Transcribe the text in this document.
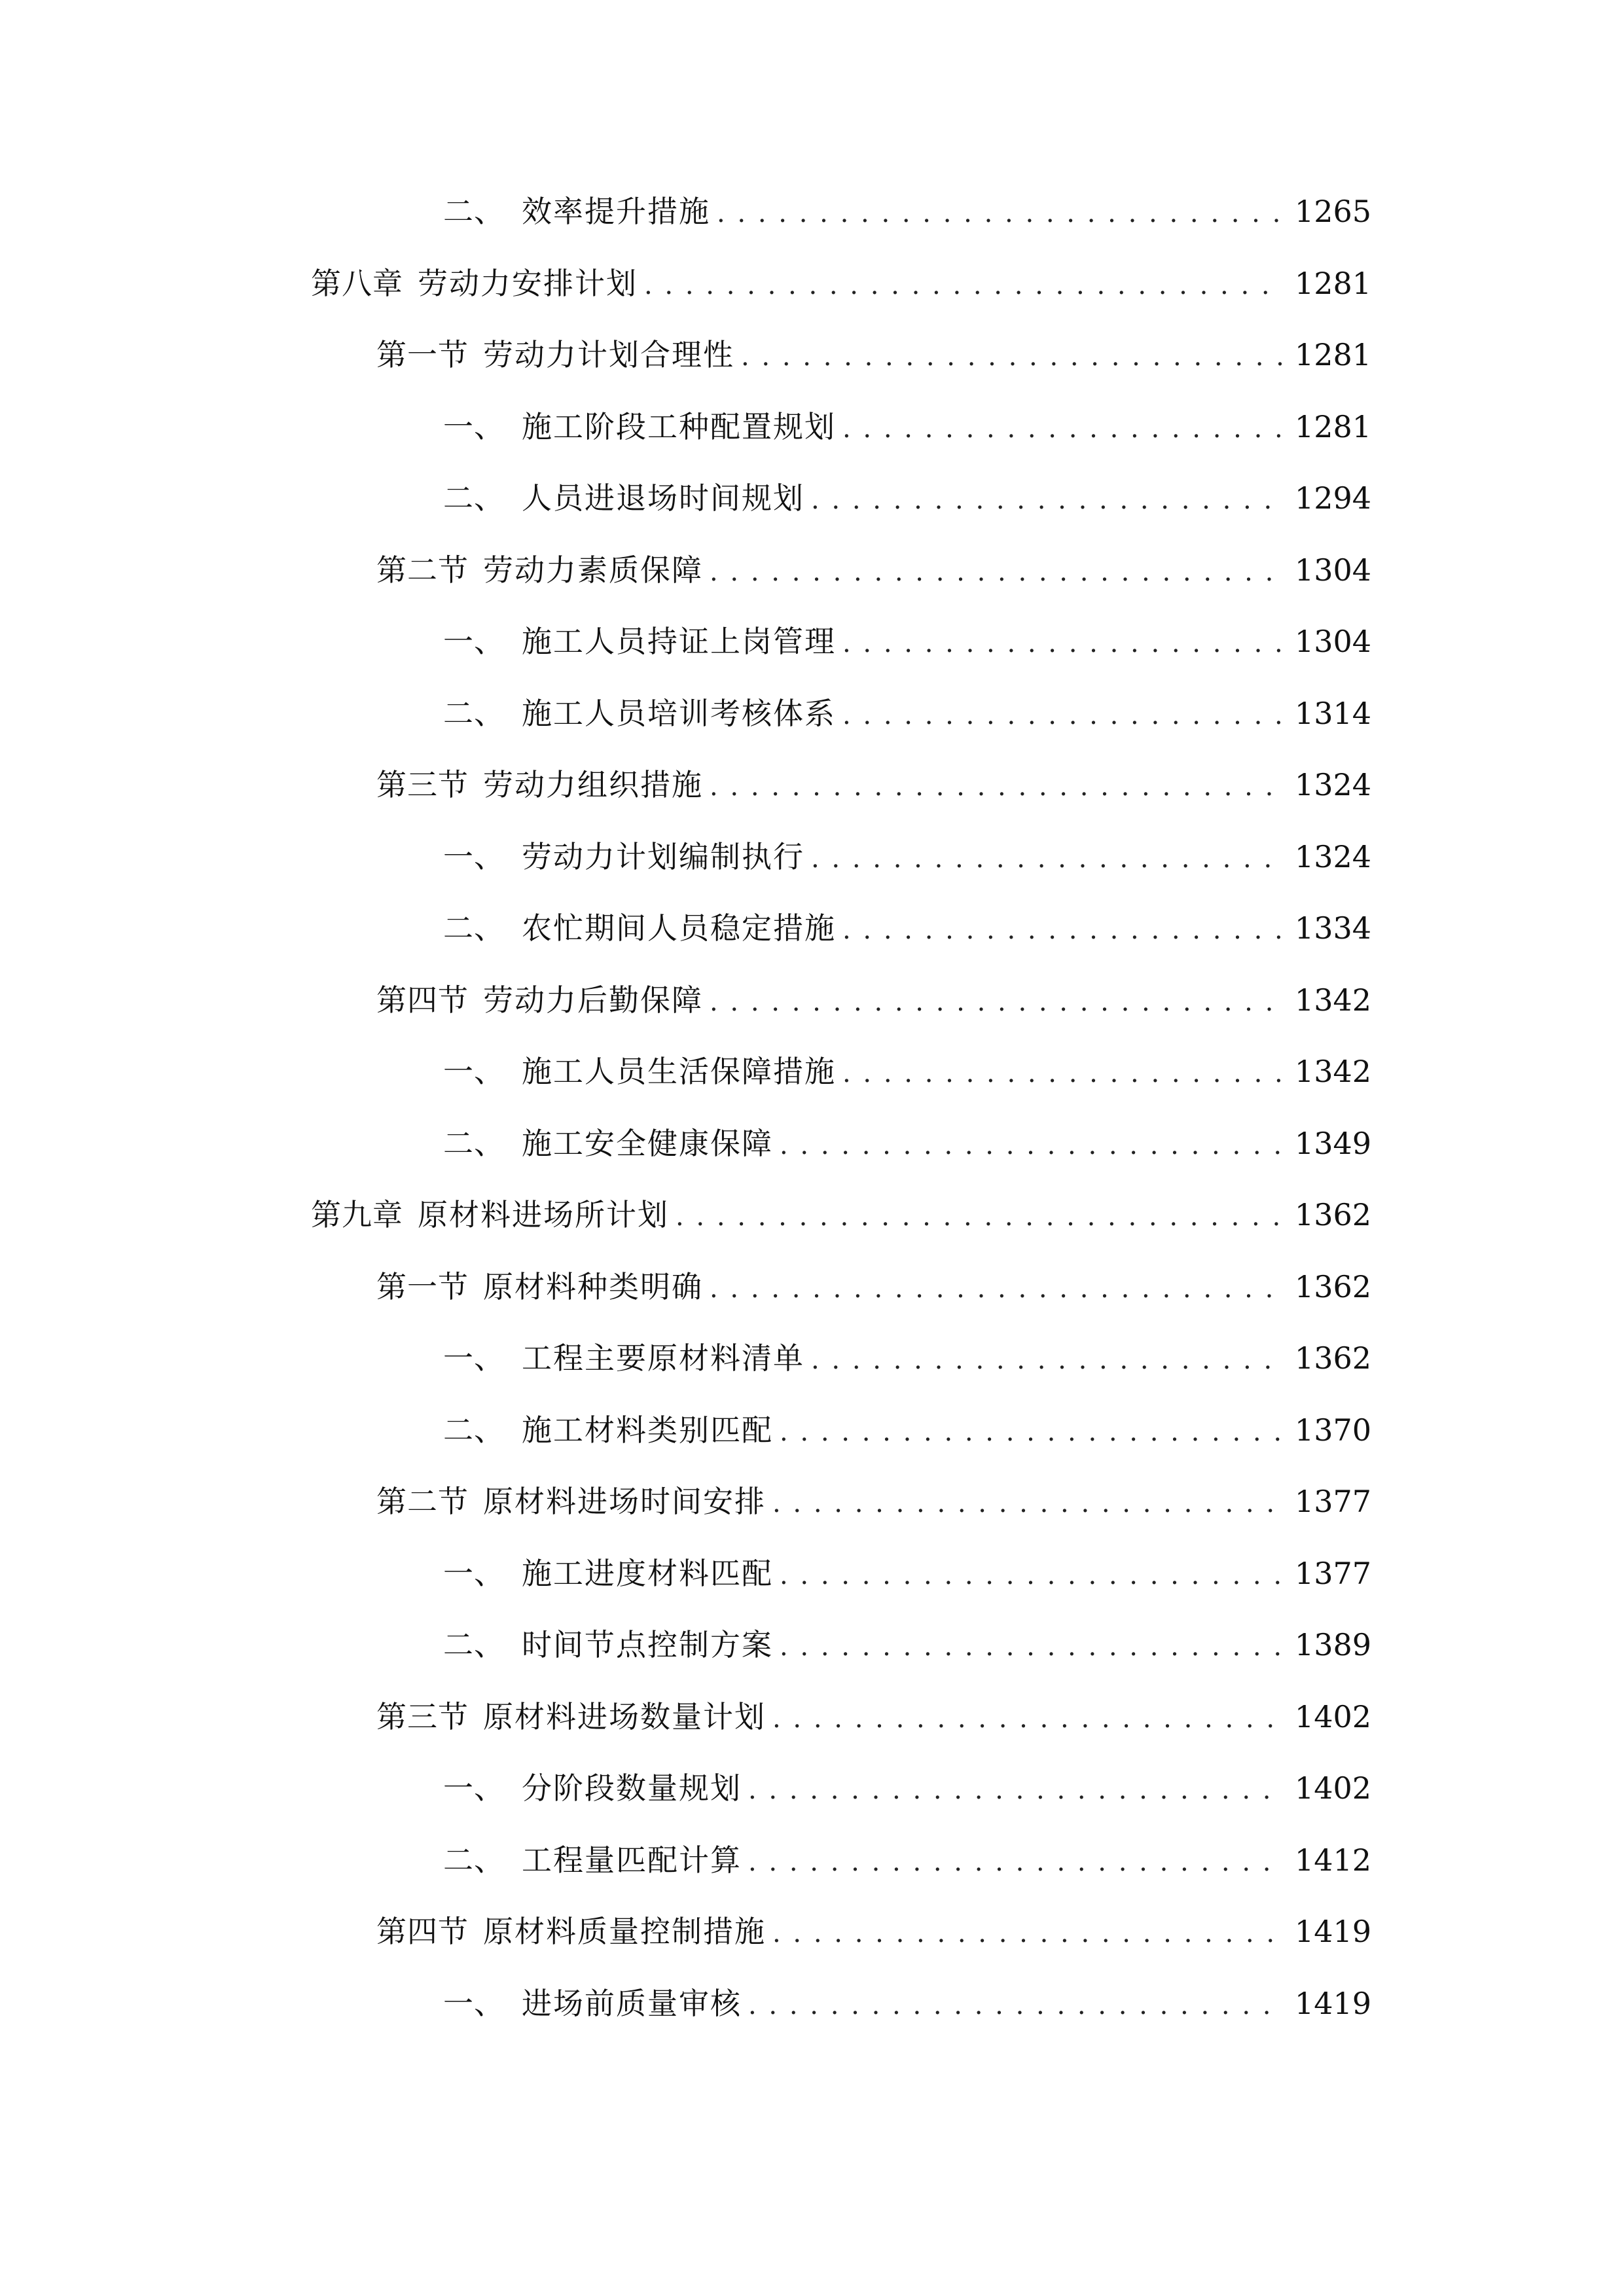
二、 效率提升措施 . . .	1265
第八章 劳动力安排计划 . . .	1281
第一节 劳动力计划合理性 . . .	1281
一、 施工阶段工种配置规划 . . .	1281
二、 人员进退场时间规划 . . .	1294
第二节 劳动力素质保障 . . .	1304
一、 施工人员持证上岗管理 . . .	1304
二、 施工人员培训考核体系 . . .	1314
第三节 劳动力组织措施 . . .	1324
一、 劳动力计划编制执行 . . .	1324
二、 农忙期间人员稳定措施 . . .	1334
第四节 劳动力后勤保障 . . .	1342
一、 施工人员生活保障措施 . . .	1342
二、 施工安全健康保障 . . .	1349
第九章 原材料进场所计划 . . .	1362
第一节 原材料种类明确 . . .	1362
一、 工程主要原材料清单 . . .	1362
二、 施工材料类别匹配 . . .	1370
第二节 原材料进场时间安排 . . .	1377
一、 施工进度材料匹配 . . .	1377
二、 时间节点控制方案 . . .	1389
第三节 原材料进场数量计划 . . .	1402
一、 分阶段数量规划 . . .	1402
二、 工程量匹配计算 . . .	1412
第四节 原材料质量控制措施 . . .	1419
一、 进场前质量审核 . . .	1419
